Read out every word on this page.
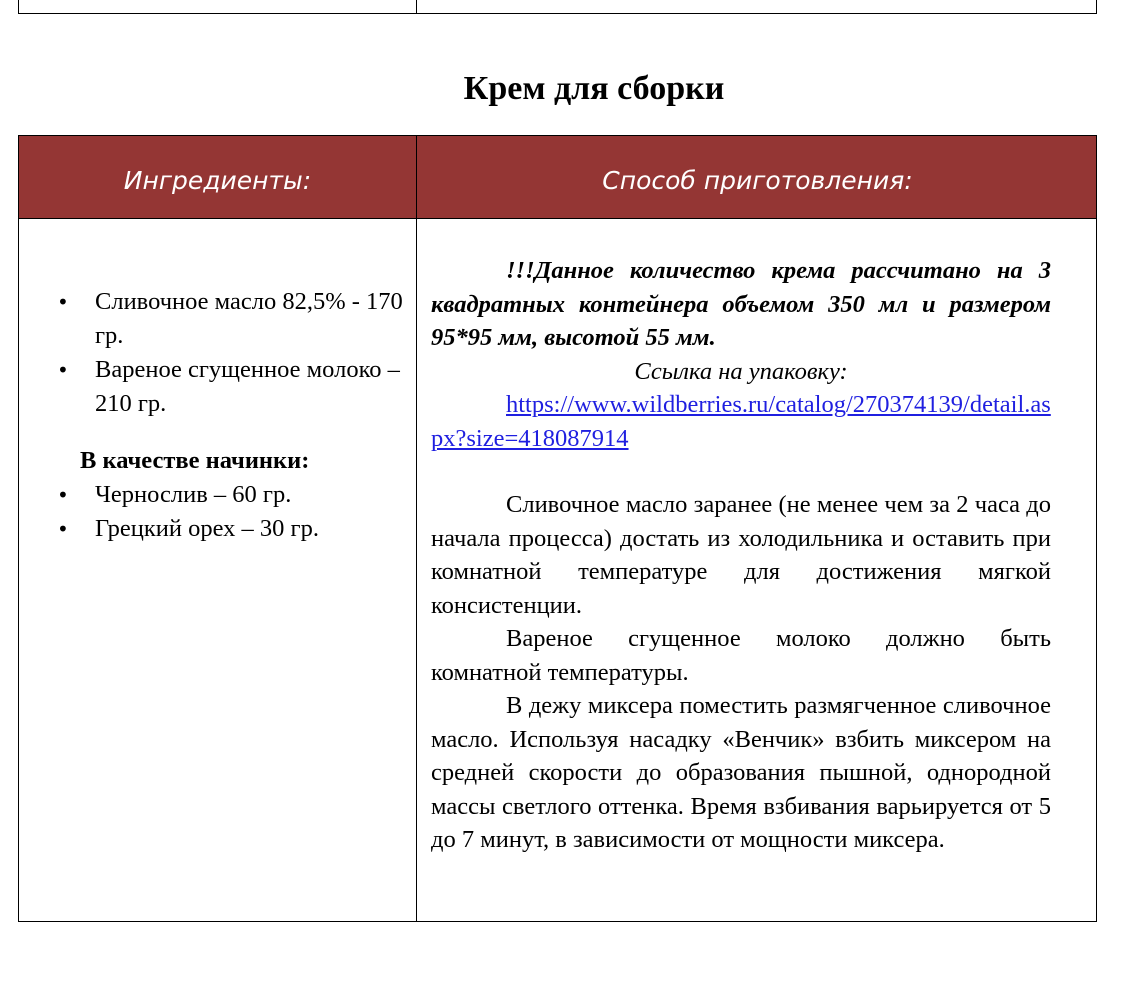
Крем для сборки
Ингредиенты:	Способ приготовления:
• Сливочное масло 82,5% - 170 гр.
• Вареное сгущенное молоко – 210 гр.
В качестве начинки:
• Чернослив – 60 гр.
• Грецкий орех – 30 гр.
!!!Данное количество крема рассчитано на 3 квадратных контейнера объемом 350 мл и размером 95*95 мм, высотой 55 мм.
Ссылка на упаковку:
https://www.wildberries.ru/catalog/270374139/detail.aspx?size=418087914
Сливочное масло заранее (не менее чем за 2 часа до начала процесса) достать из холодильника и оставить при комнатной температуре для достижения мягкой консистенции.
Вареное сгущенное молоко должно быть комнатной температуры.
В дежу миксера поместить размягченное сливочное масло. Используя насадку «Венчик» взбить миксером на средней скорости до образования пышной, однородной массы светлого оттенка. Время взбивания варьируется от 5 до 7 минут, в зависимости от мощности миксера.
